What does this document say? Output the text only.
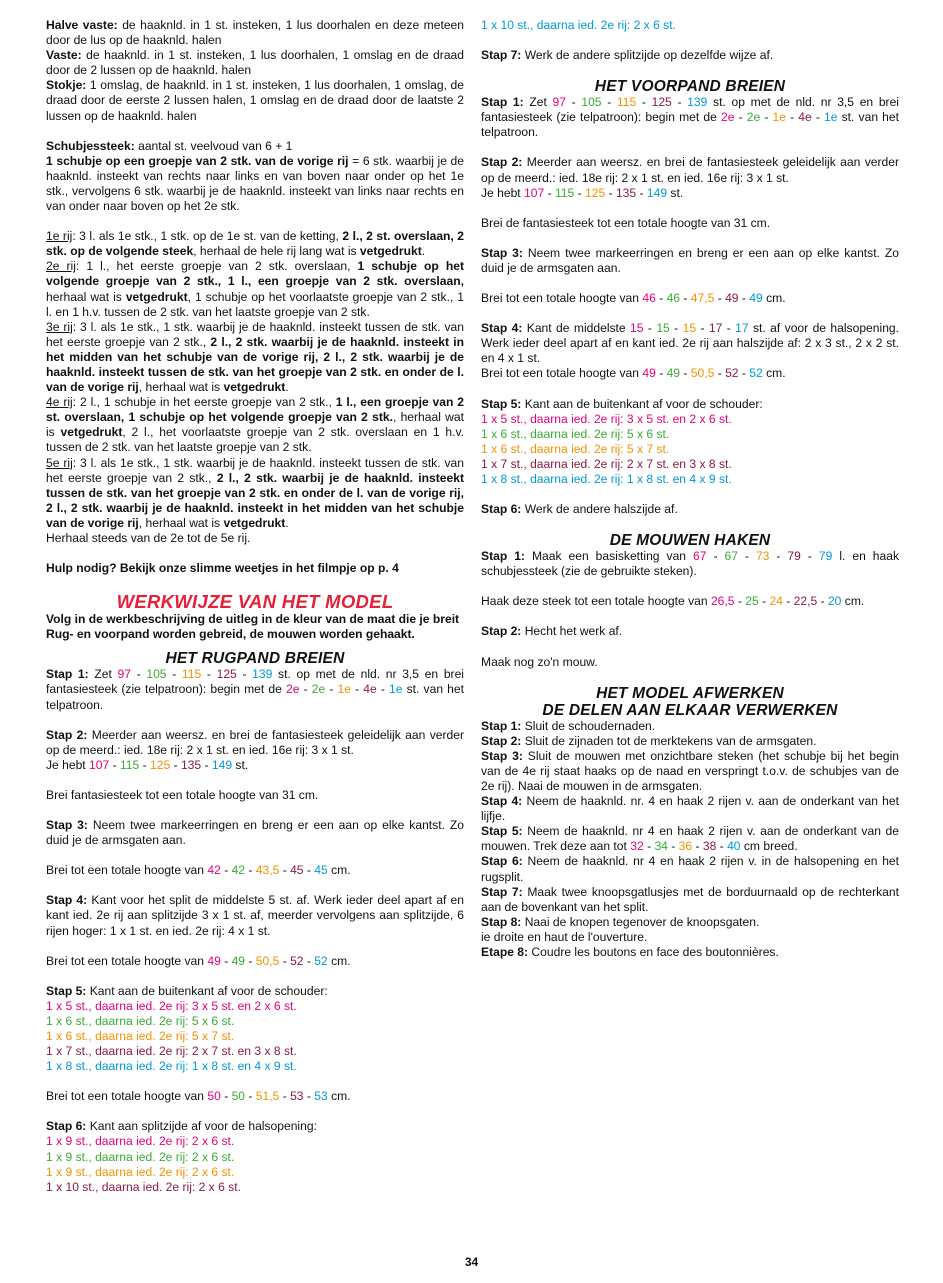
Halve vaste: de haaknld. in 1 st. insteken, 1 lus doorhalen en deze meteen door de lus op de haaknld. halen

Vaste: de haaknld. in 1 st. insteken, 1 lus doorhalen, 1 omslag en de draad door de 2 lussen op de haaknld. halen

Stokje: 1 omslag, de haaknld. in 1 st. insteken, 1 lus doorhalen, 1 omslag, de draad door de eerste 2 lussen halen, 1 omslag en de draad door de laatste 2 lussen op de haaknld. halen

Schubjessteek: aantal st. veelvoud van 6 + 1

1 schubje op een groepje van 2 stk. van de vorige rij = 6 stk. waarbij je de haaknld. insteekt van rechts naar links en van boven naar onder op het 1e stk., vervolgens 6 stk. waarbij je de haaknld. insteekt van links naar rechts en van onder naar boven op het 2e stk.

1e rij: 3 l. als 1e stk., 1 stk. op de 1e st. van de ketting, 2 l., 2 st. overslaan, 2 stk. op de volgende steek, herhaal de hele rij lang wat is vetgedrukt.

2e rij: 1 l., het eerste groepje van 2 stk. overslaan, 1 schubje op het volgende groepje van 2 stk., 1 l., een groepje van 2 stk. overslaan, herhaal wat is vetgedrukt, 1 schubje op het voorlaatste groepje van 2 stk., 1 l. en 1 h.v. tussen de 2 stk. van het laatste groepje van 2 stk.

3e rij: 3 l. als 1e stk., 1 stk. waarbij je de haaknld. insteekt tussen de stk. van het eerste groepje van 2 stk., 2 l., 2 stk. waarbij je de haaknld. insteekt in het midden van het schubje van de vorige rij, 2 l., 2 stk. waarbij je de haaknld. insteekt tussen de stk. van het groepje van 2 stk. en onder de l. van de vorige rij, herhaal wat is vetgedrukt.

4e rij: 2 l., 1 schubje in het eerste groepje van 2 stk., 1 l., een groepje van 2 st. overslaan, 1 schubje op het volgende groepje van 2 stk., herhaal wat is vetgedrukt, 2 l., het voorlaatste groepje van 2 stk. overslaan en 1 h.v. tussen de 2 stk. van het laatste groepje van 2 stk.

5e rij: 3 l. als 1e stk., 1 stk. waarbij je de haaknld. insteekt tussen de stk. van het eerste groepje van 2 stk., 2 l., 2 stk. waarbij je de haaknld. insteekt tussen de stk. van het groepje van 2 stk. en onder de l. van de vorige rij, 2 l., 2 stk. waarbij je de haaknld. insteekt in het midden van het schubje van de vorige rij, herhaal wat is vetgedrukt.

Herhaal steeds van de 2e tot de 5e rij.

Hulp nodig? Bekijk onze slimme weetjes in het filmpje op p. 4

WERKWIJZE VAN HET MODEL

Volg in de werkbeschrijving de uitleg in de kleur van de maat die je breit

Rug- en voorpand worden gebreid, de mouwen worden gehaakt.

HET RUGPAND BREIEN

Stap 1: Zet 97 - 105 - 115 - 125 - 139 st. op met de nld. nr 3,5 en brei fantasiesteek (zie telpatroon): begin met de 2e - 2e - 1e - 4e - 1e st. van het telpatroon.

Stap 2: Meerder aan weersz. en brei de fantasiesteek geleidelijk aan verder op de meerd.: ied. 18e rij: 2 x 1 st. en ied. 16e rij: 3 x 1 st.

Je hebt 107 - 115 - 125 - 135 - 149 st.

Brei fantasiesteek tot een totale hoogte van 31 cm.

Stap 3: Neem twee markeerringen en breng er een aan op elke kantst. Zo duid je de armsgaten aan.

Brei tot een totale hoogte van 42 - 42 - 43,5 - 45 - 45 cm.

Stap 4: Kant voor het split de middelste 5 st. af. Werk ieder deel apart af en kant ied. 2e rij aan splitzijde 3 x 1 st. af, meerder vervolgens aan splitzijde, 6 rijen hoger: 1 x 1 st. en ied. 2e rij: 4 x 1 st.

Brei tot een totale hoogte van 49 - 49 - 50,5 - 52 - 52 cm.

Stap 5: Kant aan de buitenkant af voor de schouder:

1 x 5 st., daarna ied. 2e rij: 3 x 5 st. en 2 x 6 st.

1 x 6 st., daarna ied. 2e rij: 5 x 6 st.

1 x 6 st., daarna ied. 2e rij: 5 x 7 st.

1 x 7 st., daarna ied. 2e rij: 2 x 7 st. en 3 x 8 st.

1 x 8 st., daarna ied. 2e rij: 1 x 8 st. en 4 x 9 st.

Brei tot een totale hoogte van 50 - 50 - 51,5 - 53 - 53 cm.

Stap 6: Kant aan splitzijde af voor de halsopening:

1 x 9 st., daarna ied. 2e rij: 2 x 6 st.

1 x 9 st., daarna ied. 2e rij: 2 x 6 st.

1 x 9 st., daarna ied. 2e rij: 2 x 6 st.

1 x 10 st., daarna ied. 2e rij: 2 x 6 st.

1 x 10 st., daarna ied. 2e rij: 2 x 6 st.

Stap 7: Werk de andere splitzijde op dezelfde wijze af.

HET VOORPAND BREIEN

Stap 1: Zet 97 - 105 - 115 - 125 - 139 st. op met de nld. nr 3,5 en brei fantasiesteek (zie telpatroon): begin met de 2e - 2e - 1e - 4e - 1e st. van het telpatroon.

Stap 2: Meerder aan weersz. en brei de fantasiesteek geleidelijk aan verder op de meerd.: ied. 18e rij: 2 x 1 st. en ied. 16e rij: 3 x 1 st.

Je hebt 107 - 115 - 125 - 135 - 149 st.

Brei de fantasiesteek tot een totale hoogte van 31 cm.

Stap 3: Neem twee markeerringen en breng er een aan op elke kantst. Zo duid je de armsgaten aan.

Brei tot een totale hoogte van 46 - 46 - 47,5 - 49 - 49 cm.

Stap 4: Kant de middelste 15 - 15 - 15 - 17 - 17 st. af voor de halsopening. Werk ieder deel apart af en kant ied. 2e rij aan halszijde af: 2 x 3 st., 2 x 2 st. en 4 x 1 st.

Brei tot een totale hoogte van 49 - 49 - 50,5 - 52 - 52 cm.

Stap 5: Kant aan de buitenkant af voor de schouder:

1 x 5 st., daarna ied. 2e rij: 3 x 5 st. en 2 x 6 st.

1 x 6 st., daarna ied. 2e rij: 5 x 6 st.

1 x 6 st., daarna ied. 2e rij: 5 x 7 st.

1 x 7 st., daarna ied. 2e rij: 2 x 7 st. en 3 x 8 st.

1 x 8 st., daarna ied. 2e rij: 1 x 8 st. en 4 x 9 st.

Stap 6: Werk de andere halszijde af.

DE MOUWEN HAKEN

Stap 1: Maak een basisketting van 67 - 67 - 73 - 79 - 79 l. en haak schubjessteek (zie de gebruikte steken).

Haak deze steek tot een totale hoogte van 26,5 - 25 - 24 - 22,5 - 20 cm.

Stap 2: Hecht het werk af.

Maak nog zo'n mouw.

HET MODEL AFWERKEN

DE DELEN AAN ELKAAR VERWERKEN

Stap 1: Sluit de schoudernaden.

Stap 2: Sluit de zijnaden tot de merktekens van de armsgaten.

Stap 3: Sluit de mouwen met onzichtbare steken (het schubje bij het begin van de 4e rij staat haaks op de naad en verspringt t.o.v. de schubjes van de 2e rij). Naai de mouwen in de armsgaten.

Stap 4: Neem de haaknld. nr. 4 en haak 2 rijen v. aan de onderkant van het lijfje.

Stap 5: Neem de haaknld. nr 4 en haak 2 rijen v. aan de onderkant van de mouwen. Trek deze aan tot 32 - 34 - 36 - 38 - 40 cm breed.

Stap 6: Neem de haaknld. nr 4 en haak 2 rijen v. in de halsopening en het rugsplit.

Stap 7: Maak twee knoopsgatlusjes met de borduurnaald op de rechterkant aan de bovenkant van het split.

Stap 8: Naai de knopen tegenover de knoopsgaten.

ie droite en haut de l'ouverture.

Etape 8: Coudre les boutons en face des boutonnières.

34
